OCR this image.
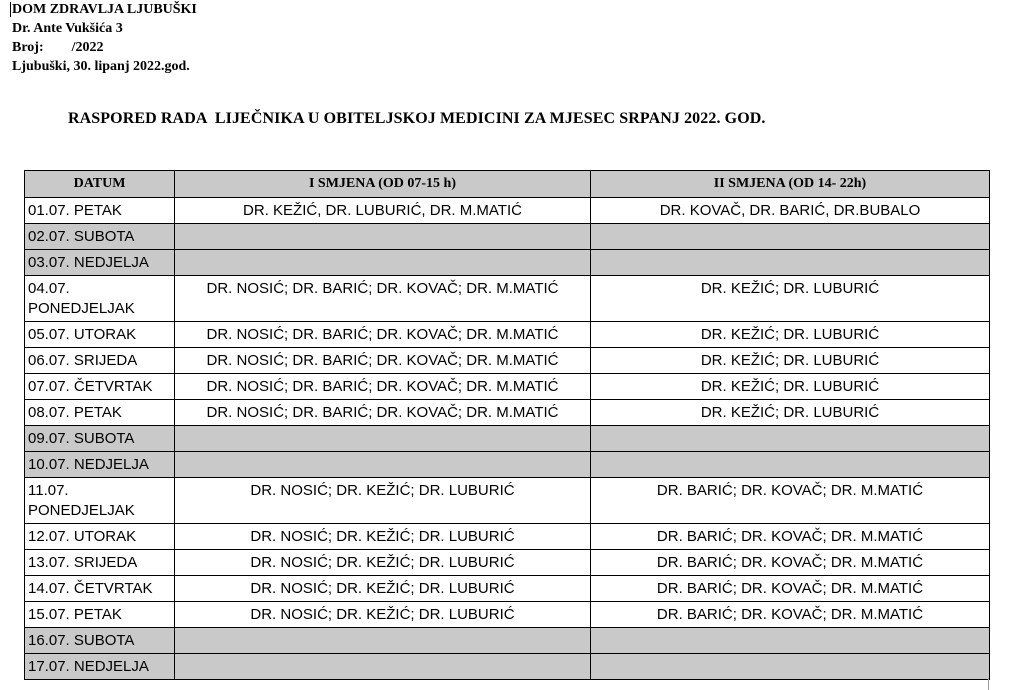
DOM ZDRAVLJA LJUBUŠKI
Dr. Ante Vukšića 3
Broj:        /2022
Ljubuški, 30. lipanj 2022.god.
RASPORED RADA  LIJEČNIKA U OBITELJSKOJ MEDICINI ZA MJESEC SRPANJ 2022. GOD.
DATUM	I SMJENA (OD 07-15 h)	II SMJENA (OD 14- 22h)
01.07. PETAK	DR. KEŽIĆ, DR. LUBURIĆ, DR. M.MATIĆ	DR. KOVAČ, DR. BARIĆ, DR.BUBALO
02.07. SUBOTA		
03.07. NEDJELJA		
04.07. PONEDJELJAK	DR. NOSIĆ; DR. BARIĆ; DR. KOVAČ; DR. M.MATIĆ	DR. KEŽIĆ; DR. LUBURIĆ
05.07. UTORAK	DR. NOSIĆ; DR. BARIĆ; DR. KOVAČ; DR. M.MATIĆ	DR. KEŽIĆ; DR. LUBURIĆ
06.07. SRIJEDA	DR. NOSIĆ; DR. BARIĆ; DR. KOVAČ; DR. M.MATIĆ	DR. KEŽIĆ; DR. LUBURIĆ
07.07. ČETVRTAK	DR. NOSIĆ; DR. BARIĆ; DR. KOVAČ; DR. M.MATIĆ	DR. KEŽIĆ; DR. LUBURIĆ
08.07. PETAK	DR. NOSIĆ; DR. BARIĆ; DR. KOVAČ; DR. M.MATIĆ	DR. KEŽIĆ; DR. LUBURIĆ
09.07. SUBOTA		
10.07. NEDJELJA		
11.07. PONEDJELJAK	DR. NOSIĆ; DR. KEŽIĆ; DR. LUBURIĆ	DR. BARIĆ; DR. KOVAČ; DR. M.MATIĆ
12.07. UTORAK	DR. NOSIĆ; DR. KEŽIĆ; DR. LUBURIĆ	DR. BARIĆ; DR. KOVAČ; DR. M.MATIĆ
13.07. SRIJEDA	DR. NOSIĆ; DR. KEŽIĆ; DR. LUBURIĆ	DR. BARIĆ; DR. KOVAČ; DR. M.MATIĆ
14.07. ČETVRTAK	DR. NOSIĆ; DR. KEŽIĆ; DR. LUBURIĆ	DR. BARIĆ; DR. KOVAČ; DR. M.MATIĆ
15.07. PETAK	DR. NOSIĆ; DR. KEŽIĆ; DR. LUBURIĆ	DR. BARIĆ; DR. KOVAČ; DR. M.MATIĆ
16.07. SUBOTA		
17.07. NEDJELJA		
